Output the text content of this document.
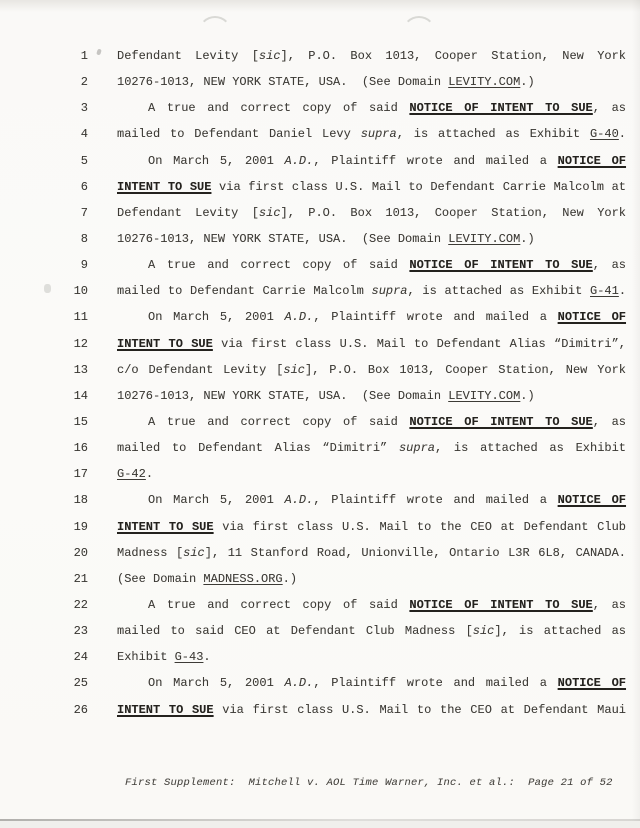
1 Defendant Levity [sic], P.O. Box 1013, Cooper Station, New York
2 10276-1013, NEW YORK STATE, USA.  (See Domain LEVITY.COM.)
3	A true and correct copy of said NOTICE OF INTENT TO SUE, as
4 mailed to Defendant Daniel Levy supra, is attached as Exhibit G-40.
5	On March 5, 2001 A.D., Plaintiff wrote and mailed a NOTICE OF
6 INTENT TO SUE via first class U.S. Mail to Defendant Carrie Malcolm at
7 Defendant Levity [sic], P.O. Box 1013, Cooper Station, New York
8 10276-1013, NEW YORK STATE, USA.  (See Domain LEVITY.COM.)
9	A true and correct copy of said NOTICE OF INTENT TO SUE, as
10 mailed to Defendant Carrie Malcolm supra, is attached as Exhibit G-41.
11	On March 5, 2001 A.D., Plaintiff wrote and mailed a NOTICE OF
12 INTENT TO SUE via first class U.S. Mail to Defendant Alias “Dimitri”,
13 c/o Defendant Levity [sic], P.O. Box 1013, Cooper Station, New York
14 10276-1013, NEW YORK STATE, USA.  (See Domain LEVITY.COM.)
15	A true and correct copy of said NOTICE OF INTENT TO SUE, as
16 mailed to Defendant Alias “Dimitri” supra, is attached as Exhibit
17 G-42.
18	On March 5, 2001 A.D., Plaintiff wrote and mailed a NOTICE OF
19 INTENT TO SUE via first class U.S. Mail to the CEO at Defendant Club
20 Madness [sic], 11 Stanford Road, Unionville, Ontario L3R 6L8, CANADA.
21 (See Domain MADNESS.ORG.)
22	A true and correct copy of said NOTICE OF INTENT TO SUE, as
23 mailed to said CEO at Defendant Club Madness [sic], is attached as
24 Exhibit G-43.
25	On March 5, 2001 A.D., Plaintiff wrote and mailed a NOTICE OF
26 INTENT TO SUE via first class U.S. Mail to the CEO at Defendant Maui
First Supplement:  Mitchell v. AOL Time Warner, Inc. et al.:  Page 21 of 52
